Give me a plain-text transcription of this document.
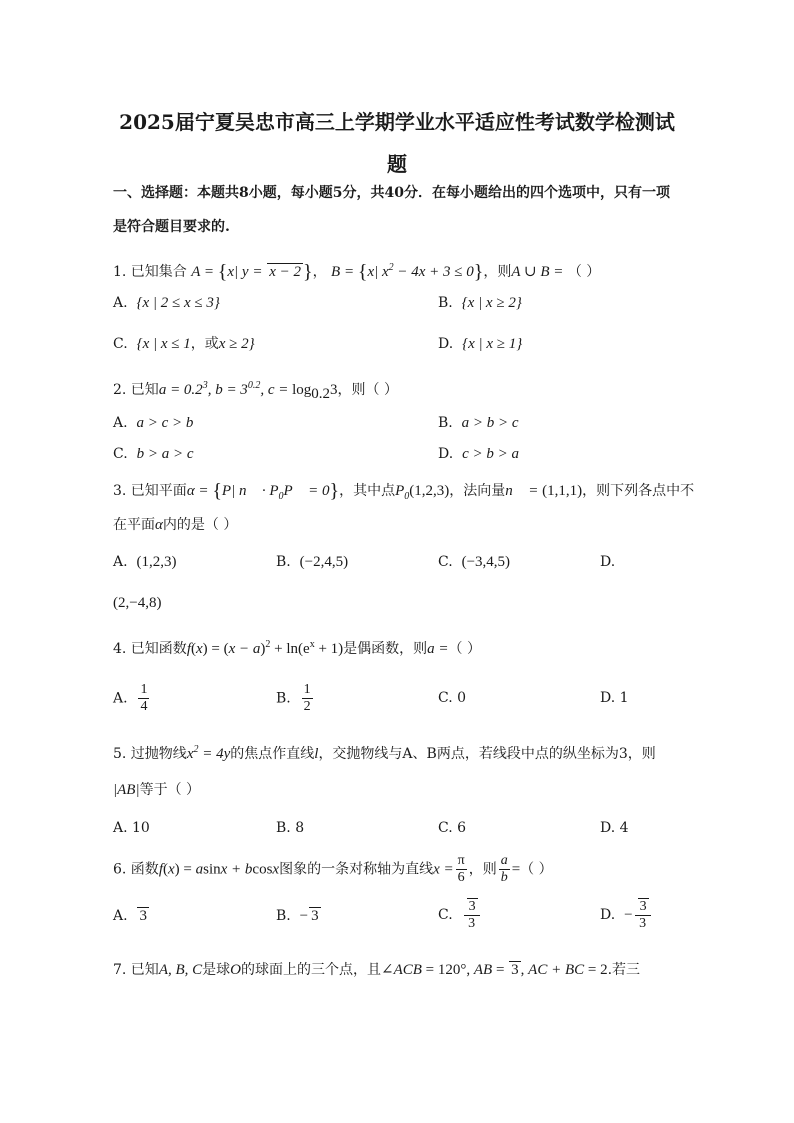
2025届宁夏吴忠市高三上学期学业水平适应性考试数学检测试
题
一、选择题：本题共8小题，每小题5分，共40分．在每小题给出的四个选项中，只有一项
是符合题目要求的.
1. 已知集合 A = {x| y = x − 2 }， B = {x| $x^2 - 4x + 3 \le 0$}，则A ∪ B = （ ）
A. {x | 2 ≤ x ≤ 3}	B. {x | x ≥ 2}
C. {x | x ≤ 1，或x ≥ 2}	D. {x | x ≥ 1}
2. 已知$a = 0.2^3$, $b = 3^{0.2}$, $c = \log_{0.2}3$，则（ ）
A. a > c > b	B. a > b > c
C. b > a > c	D. c > b > a
3. 已知平面α = {P| n⃗ · $P_0P⃗ = 0$}，其中点$P_0(1,2,3)$，法向量n⃗ = (1,1,1)，则下列各点中不
在平面α内的是（ ）
A. (1,2,3)	B. (−2,4,5)	C. (−3,4,5)	D.
(2,−4,8)
4. 已知函数$f(x) = (x - a)^2 + \ln(e^x + 1)$是偶函数，则a =（ ）
A. $\frac{1}{4}$	B. $\frac{1}{2}$	C. 0	D. 1
5. 过抛物线$x^2 = 4y$的焦点作直线l，交抛物线与A、B两点，若线段中点的纵坐标为3，则
|AB|等于（ ）
A. 10	B. 8	C. 6	D. 4
6. 函数f(x) = asinx + bcosx图象的一条对称轴为直线$x = \frac{\pi}{6}$ ，则 $\frac{a}{b}$ =（ ）
A. 3	B. − 3	C. $\frac{3}{3}$	D. − $\frac{3}{3}$
7. 已知A, B, C是球O的球面上的三个点，且∠ACB = 120°, AB = 3 , AC + BC = 2.若三
